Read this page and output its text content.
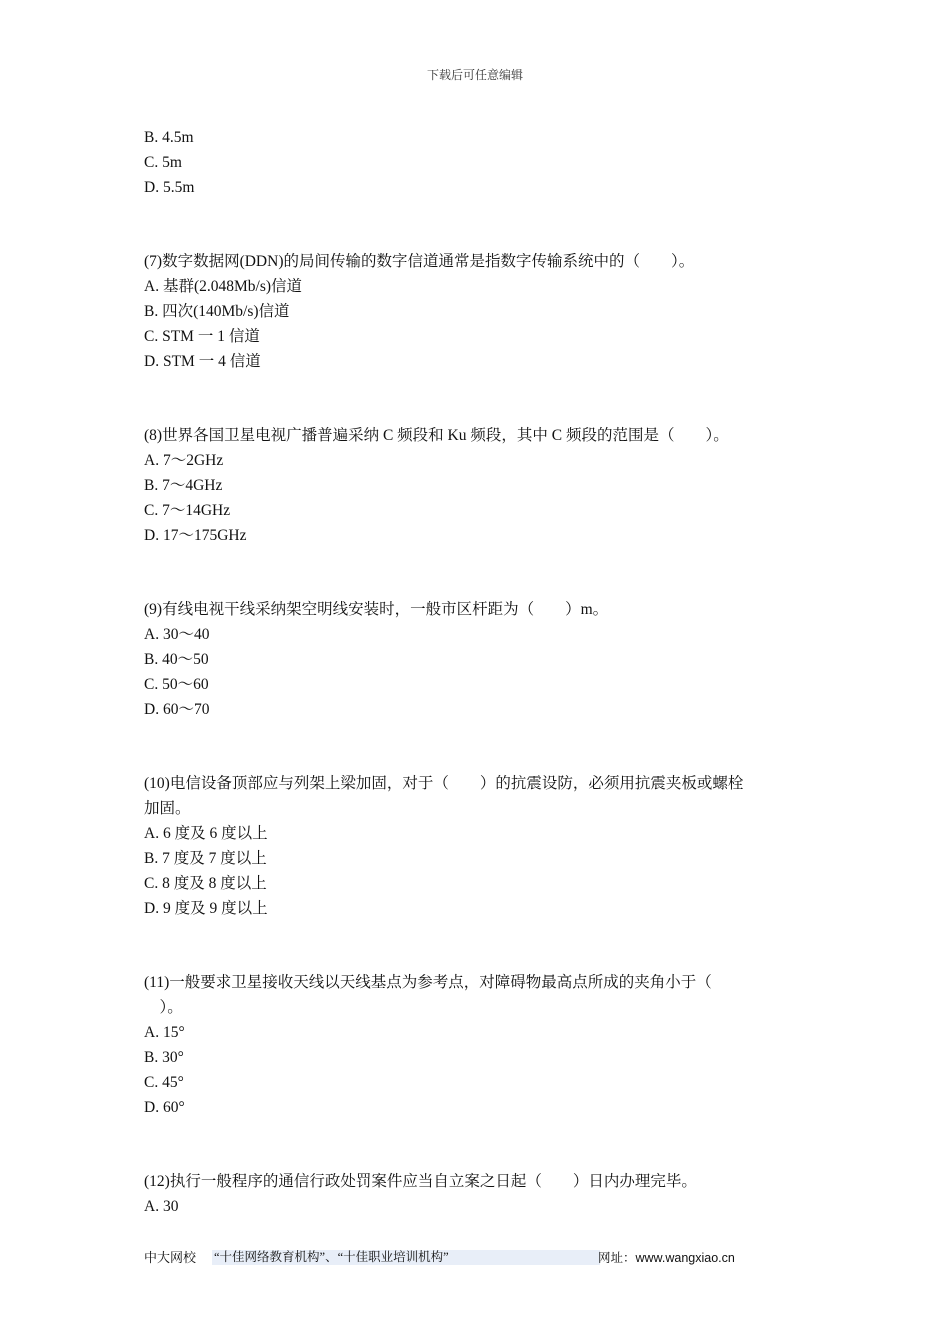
下载后可任意编辑

B. 4.5m

C. 5m

D. 5.5m

(7)数字数据网(DDN)的局间传输的数字信道通常是指数字传输系统中的（　　）。

A. 基群(2.048Mb/s)信道

B. 四次(140Mb/s)信道

C. STM 一 1 信道

D. STM 一 4 信道

(8)世界各国卫星电视广播普遍采纳 C 频段和 Ku 频段，其中 C 频段的范围是（　　）。

A. 7～2GHz

B. 7～4GHz

C. 7～14GHz

D. 17～175GHz

(9)有线电视干线采纳架空明线安装时，一般市区杆距为（　　）m。

A. 30～40

B. 40～50

C. 50～60

D. 60～70

(10)电信设备顶部应与列架上梁加固，对于（　　）的抗震设防，必须用抗震夹板或螺栓

加固。

A. 6 度及 6 度以上

B. 7 度及 7 度以上

C. 8 度及 8 度以上

D. 9 度及 9 度以上

(11)一般要求卫星接收天线以天线基点为参考点，对障碍物最高点所成的夹角小于（

　）。

A. 15°

B. 30°

C. 45°

D. 60°

(12)执行一般程序的通信行政处罚案件应当自立案之日起（　　）日内办理完毕。

A. 30

中大网校 “十佳网络教育机构”、“十佳职业培训机构”	网址：www.wangxiao.cn
